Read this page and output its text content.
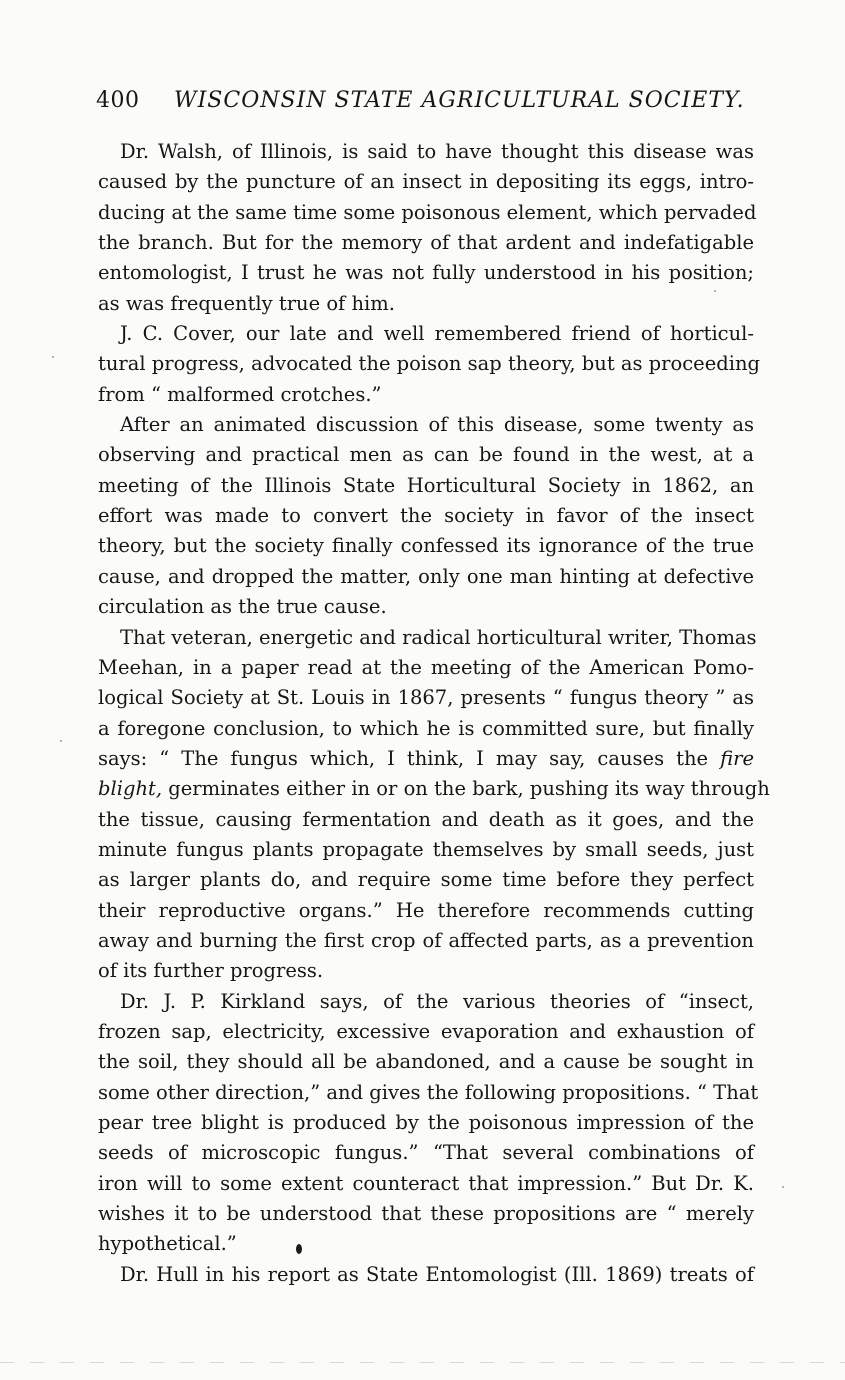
400 WISCONSIN STATE AGRICULTURAL SOCIETY.
Dr. Walsh, of Illinois, is said to have thought this disease was
caused by the puncture of an insect in depositing its eggs, intro-
ducing at the same time some poisonous element, which pervaded
the branch. But for the memory of that ardent and indefatigable
entomologist, I trust he was not fully understood in his position;
as was frequently true of him.
J. C. Cover, our late and well remembered friend of horticul-
tural progress, advocated the poison sap theory, but as proceeding
from “ malformed crotches.”
After an animated discussion of this disease, some twenty as
observing and practical men as can be found in the west, at a
meeting of the Illinois State Horticultural Society in 1862, an
effort was made to convert the society in favor of the insect
theory, but the society finally confessed its ignorance of the true
cause, and dropped the matter, only one man hinting at defective
circulation as the true cause.
That veteran, energetic and radical horticultural writer, Thomas
Meehan, in a paper read at the meeting of the American Pomo-
logical Society at St. Louis in 1867, presents “ fungus theory ” as
a foregone conclusion, to which he is committed sure, but finally
says: “ The fungus which, I think, I may say, causes the fire
blight, germinates either in or on the bark, pushing its way through
the tissue, causing fermentation and death as it goes, and the
minute fungus plants propagate themselves by small seeds, just
as larger plants do, and require some time before they perfect
their reproductive organs.” He therefore recommends cutting
away and burning the first crop of affected parts, as a prevention
of its further progress.
Dr. J. P. Kirkland says, of the various theories of “insect,
frozen sap, electricity, excessive evaporation and exhaustion of
the soil, they should all be abandoned, and a cause be sought in
some other direction,” and gives the following propositions. “ That
pear tree blight is produced by the poisonous impression of the
seeds of microscopic fungus.” “That several combinations of
iron will to some extent counteract that impression.” But Dr. K.
wishes it to be understood that these propositions are “ merely
hypothetical.”
Dr. Hull in his report as State Entomologist (Ill. 1869) treats of
